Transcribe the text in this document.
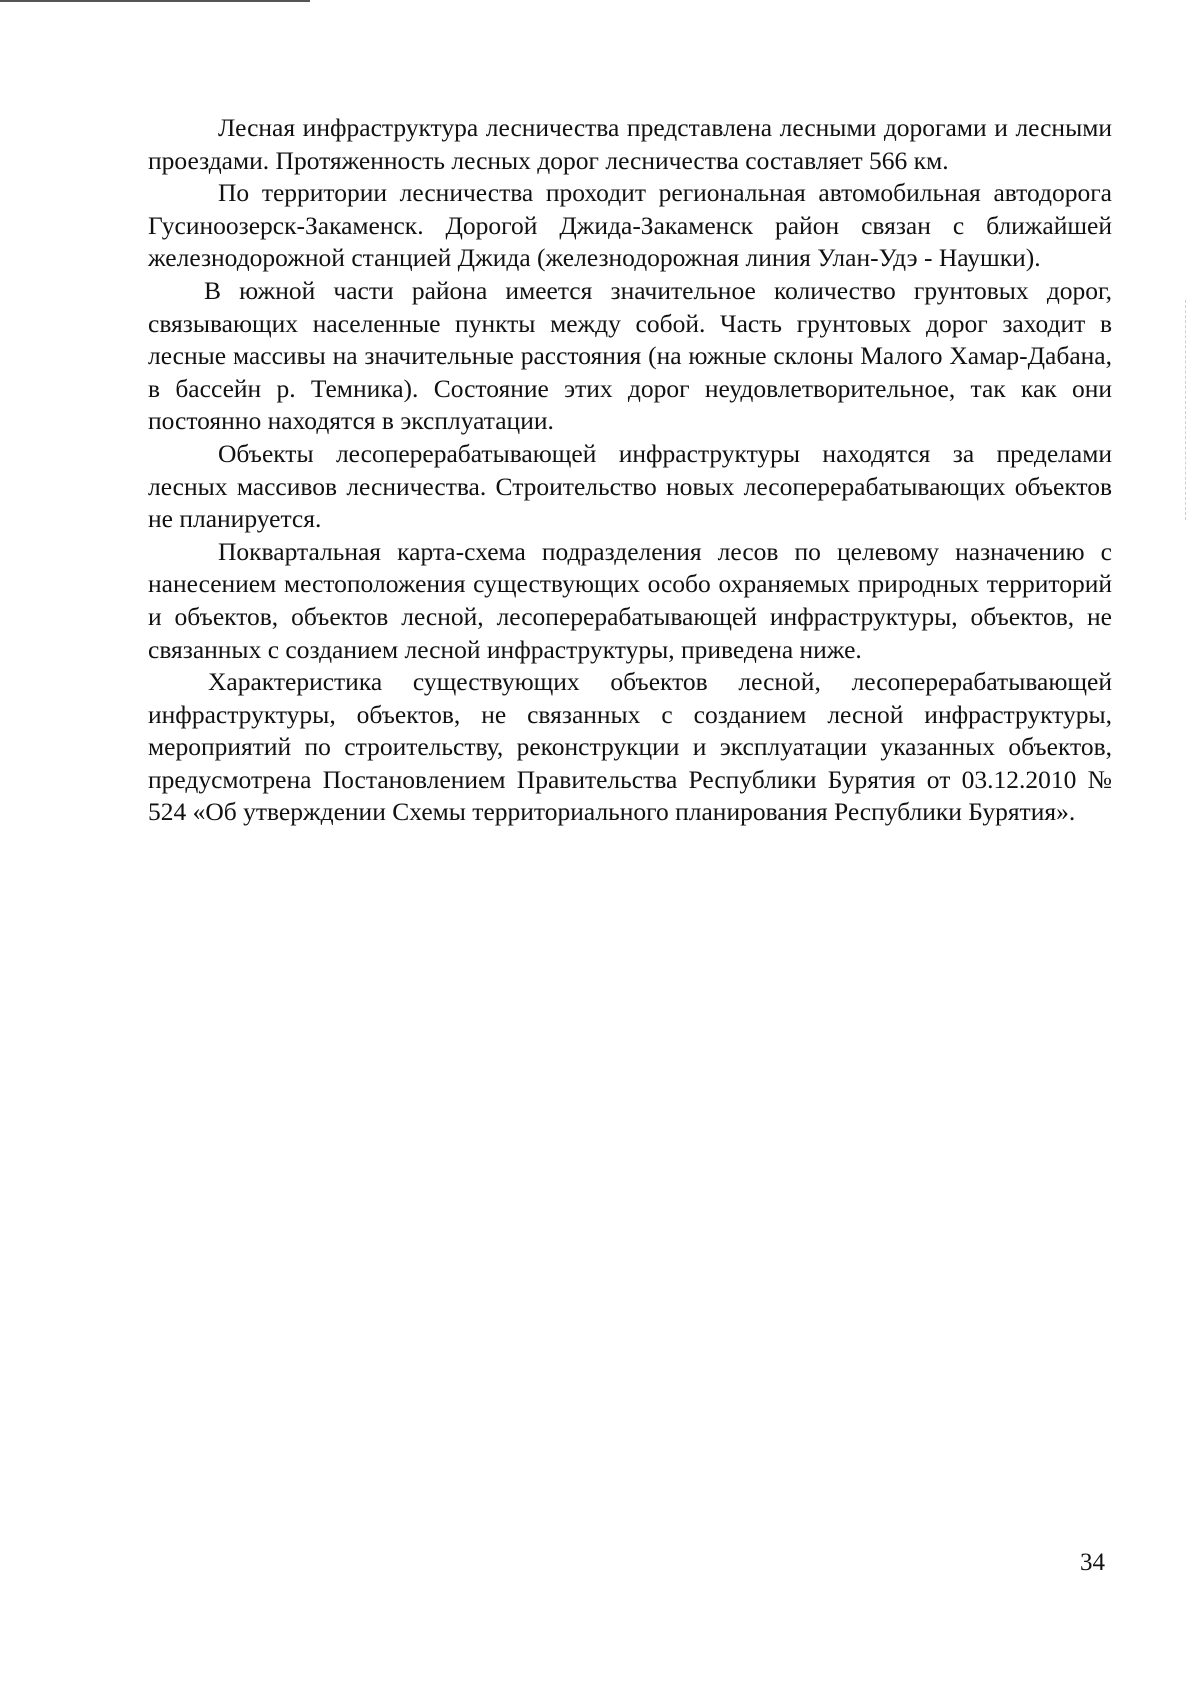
Лесная инфраструктура лесничества представлена лесными дорогами и лесными проездами. Протяженность лесных дорог лесничества составляет 566 км.

По территории лесничества проходит региональная автомобильная автодорога Гусиноозерск-Закаменск. Дорогой Джида-Закаменск район связан с ближайшей железнодорожной станцией Джида (железнодорожная линия Улан-Удэ - Наушки).

В южной части района имеется значительное количество грунтовых дорог, связывающих населенные пункты между собой. Часть грунтовых дорог заходит в лесные массивы на значительные расстояния (на южные склоны Малого Хамар-Дабана, в бассейн р. Темника). Состояние этих дорог неудовлетворительное, так как они постоянно находятся в эксплуатации.

Объекты лесоперерабатывающей инфраструктуры находятся за пределами лесных массивов лесничества. Строительство новых лесоперерабатывающих объектов не планируется.

Поквартальная карта-схема подразделения лесов по целевому назначению с нанесением местоположения существующих особо охраняемых природных территорий и объектов, объектов лесной, лесоперерабатывающей инфраструктуры, объектов, не связанных с созданием лесной инфраструктуры, приведена ниже.

Характеристика существующих объектов лесной, лесоперерабатывающей инфраструктуры, объектов, не связанных с созданием лесной инфраструктуры, мероприятий по строительству, реконструкции и эксплуатации указанных объектов, предусмотрена Постановлением Правительства Республики Бурятия от 03.12.2010 № 524 «Об утверждении Схемы территориального планирования Республики Бурятия».

34
